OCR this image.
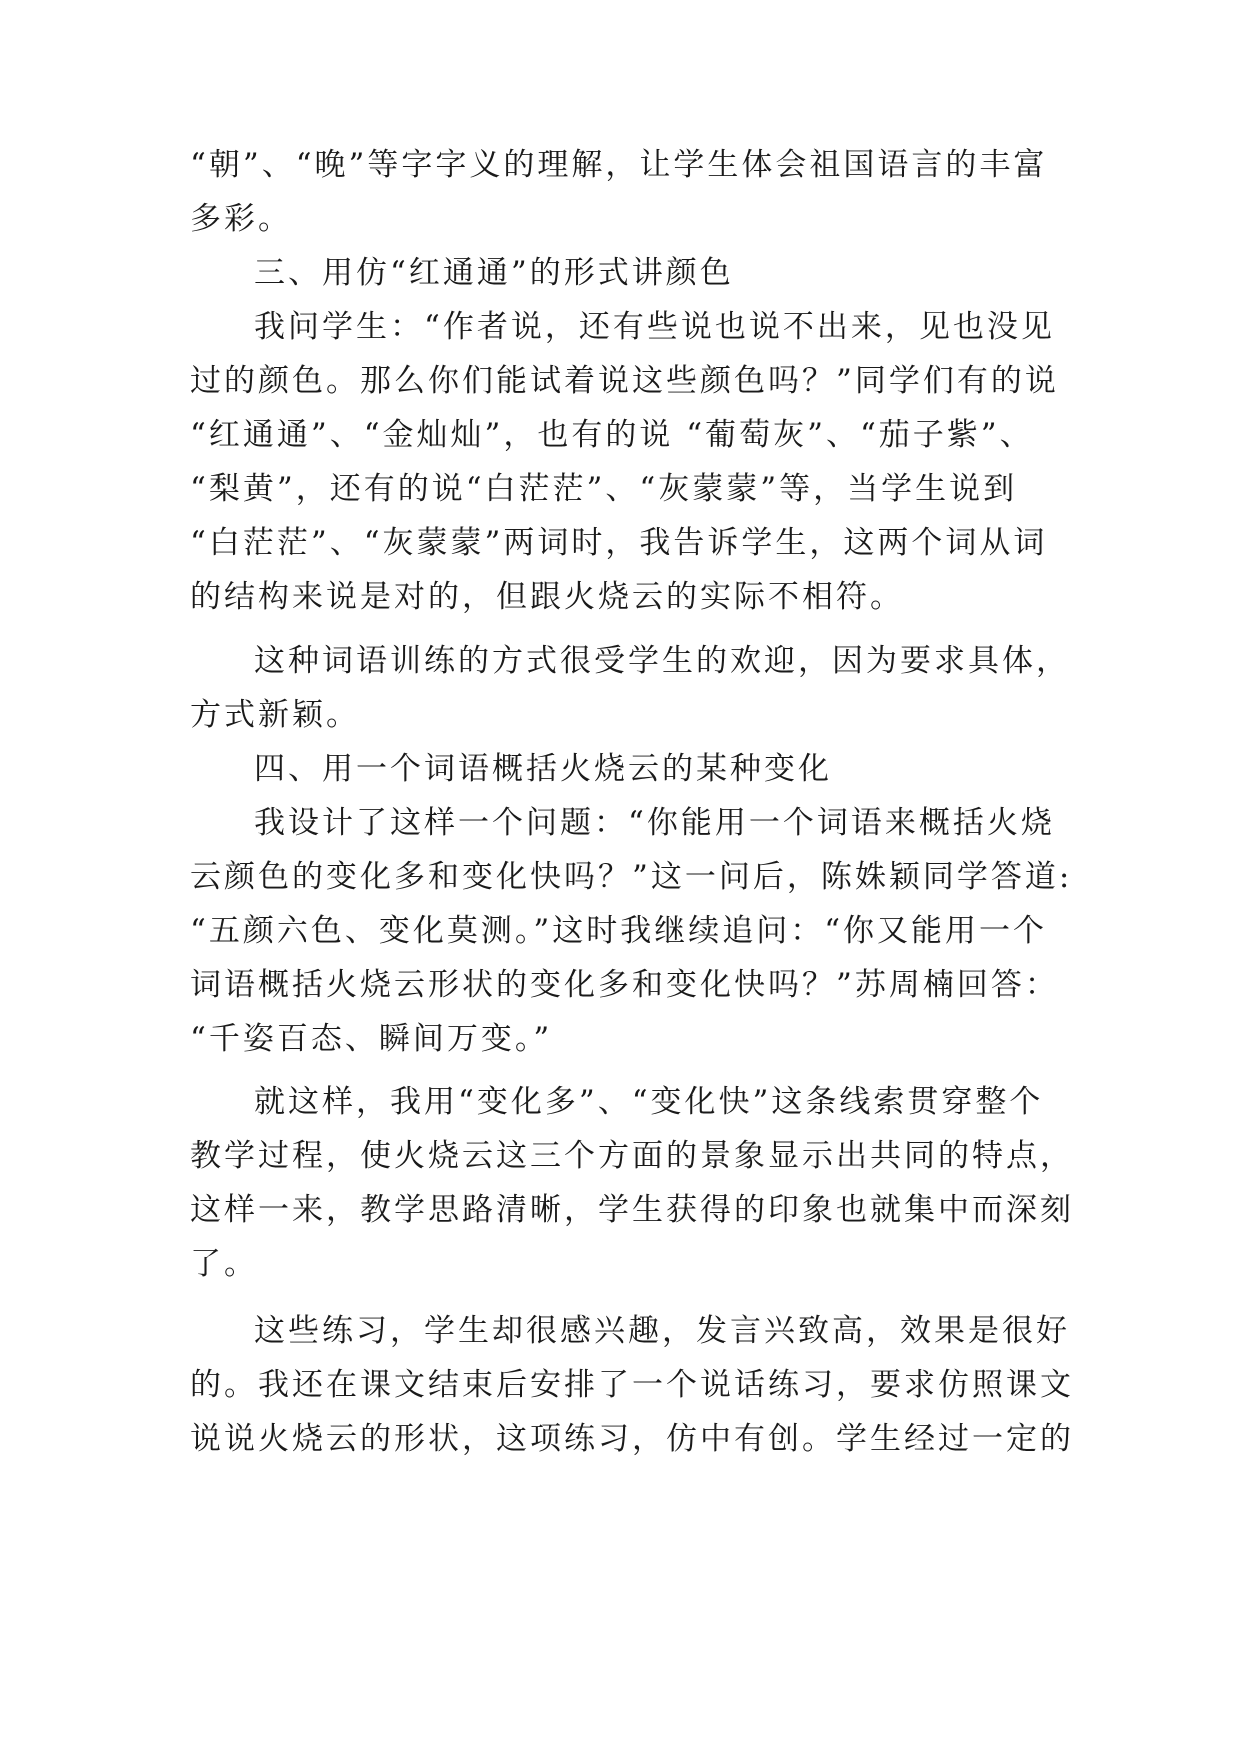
“朝”、“晚”等字字义的理解，让学生体会祖国语言的丰富
多彩。
三、用仿“红通通”的形式讲颜色
我问学生：“作者说，还有些说也说不出来，见也没见
过的颜色。那么你们能试着说这些颜色吗？”同学们有的说
“红通通”、“金灿灿”，也有的说 “葡萄灰”、“茄子紫”、
“梨黄”，还有的说“白茫茫”、“灰蒙蒙”等，当学生说到
“白茫茫”、“灰蒙蒙”两词时，我告诉学生，这两个词从词
的结构来说是对的，但跟火烧云的实际不相符。
这种词语训练的方式很受学生的欢迎，因为要求具体，
方式新颖。
四、用一个词语概括火烧云的某种变化
我设计了这样一个问题：“你能用一个词语来概括火烧
云颜色的变化多和变化快吗？”这一问后，陈姝颖同学答道:
“五颜六色、变化莫测。”这时我继续追问：“你又能用一个
词语概括火烧云形状的变化多和变化快吗？”苏周楠回答：
“千姿百态、瞬间万变。”
就这样，我用“变化多”、“变化快”这条线索贯穿整个
教学过程，使火烧云这三个方面的景象显示出共同的特点，
这样一来，教学思路清晰，学生获得的印象也就集中而深刻
了。
这些练习，学生却很感兴趣，发言兴致高，效果是很好
的。我还在课文结束后安排了一个说话练习，要求仿照课文
说说火烧云的形状，这项练习，仿中有创。学生经过一定的
